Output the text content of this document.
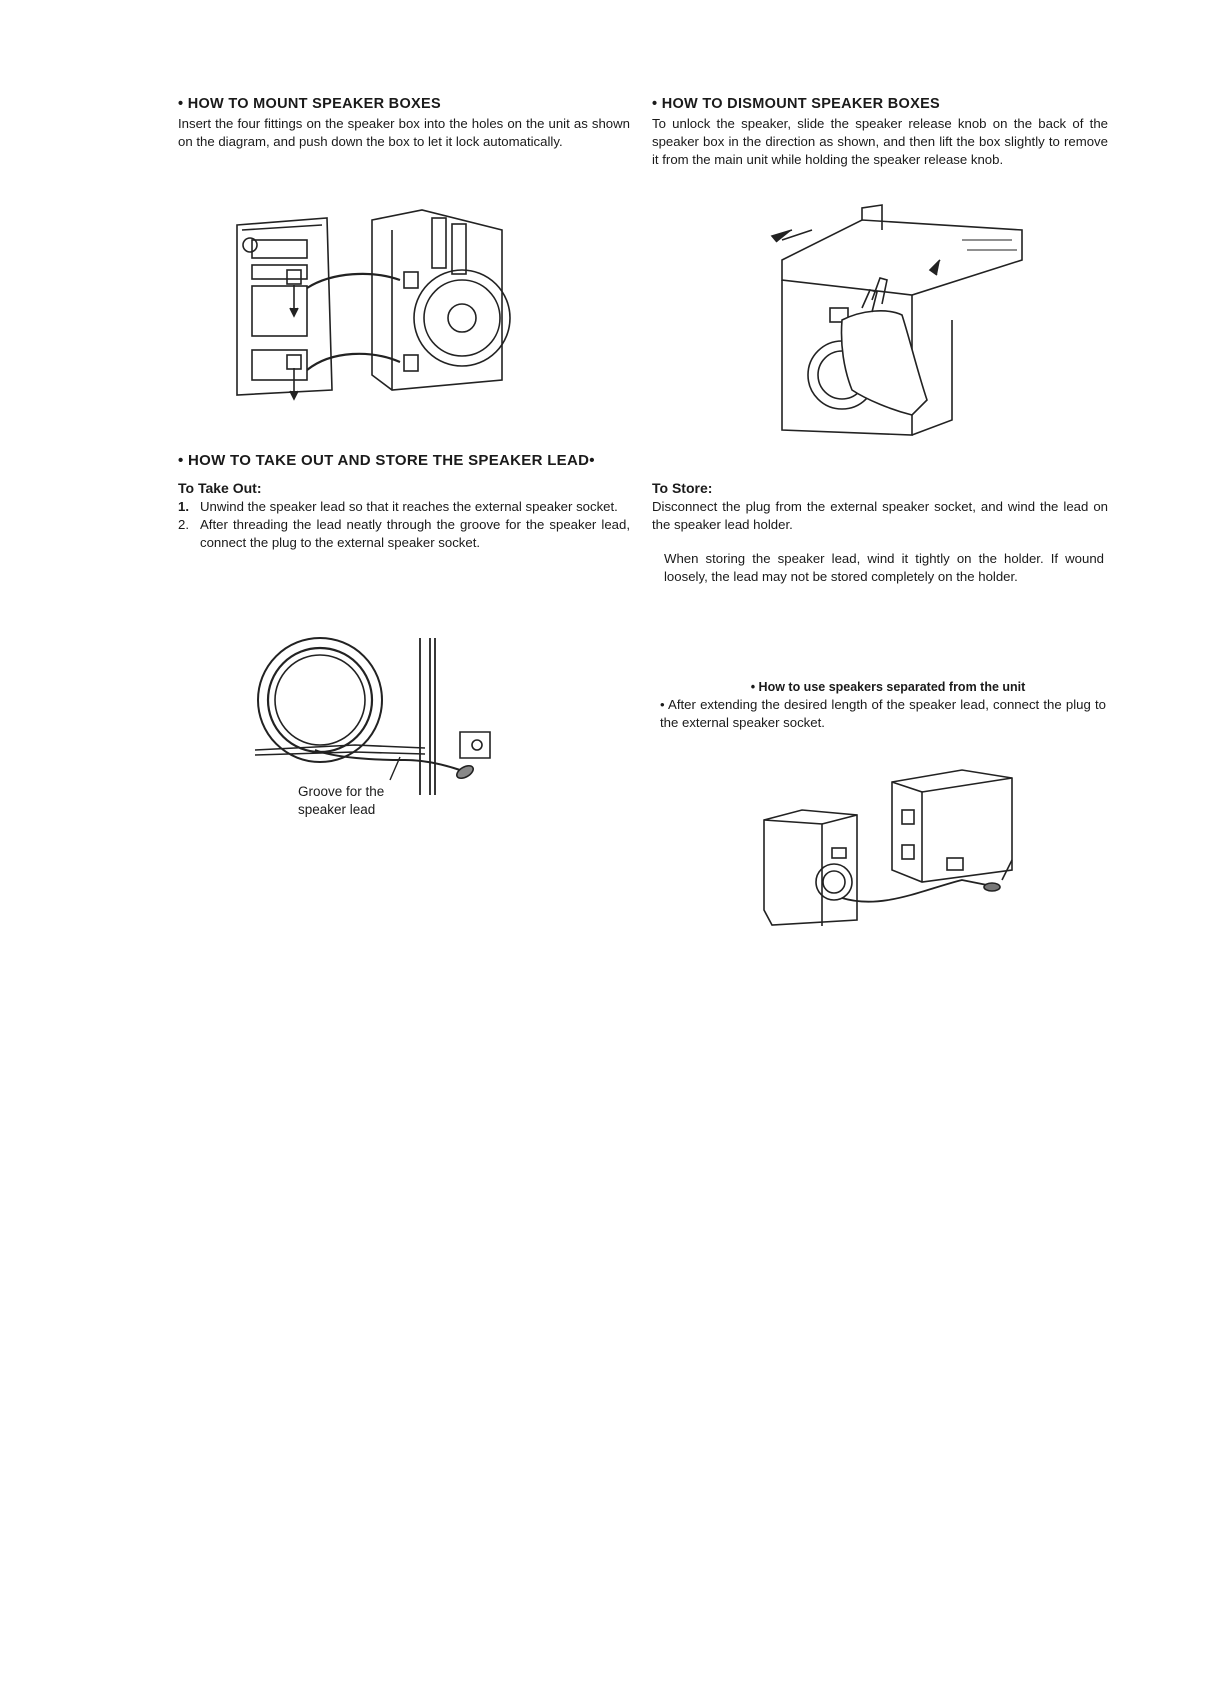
• HOW TO MOUNT SPEAKER BOXES
Insert the four fittings on the speaker box into the holes on the unit as shown on the diagram, and push down the box to let it lock automatically.
• HOW TO DISMOUNT SPEAKER BOXES
To unlock the speaker, slide the speaker release knob on the back of the speaker box in the direction as shown, and then lift the box slightly to remove it from the main unit while holding the speaker release knob.
• HOW TO TAKE OUT AND STORE THE SPEAKER LEAD•
To Take Out:
1. Unwind the speaker lead so that it reaches the external speaker socket.
2. After threading the lead neatly through the groove for the speaker lead, connect the plug to the external speaker socket.
To Store:
Disconnect the plug from the external speaker socket, and wind the lead on the speaker lead holder.
When storing the speaker lead, wind it tightly on the holder. If wound loosely, the lead may not be stored completely on the holder.
Groove for the
speaker lead
• How to use speakers separated from the unit
• After extending the desired length of the speaker lead, connect the plug to the external speaker socket.
